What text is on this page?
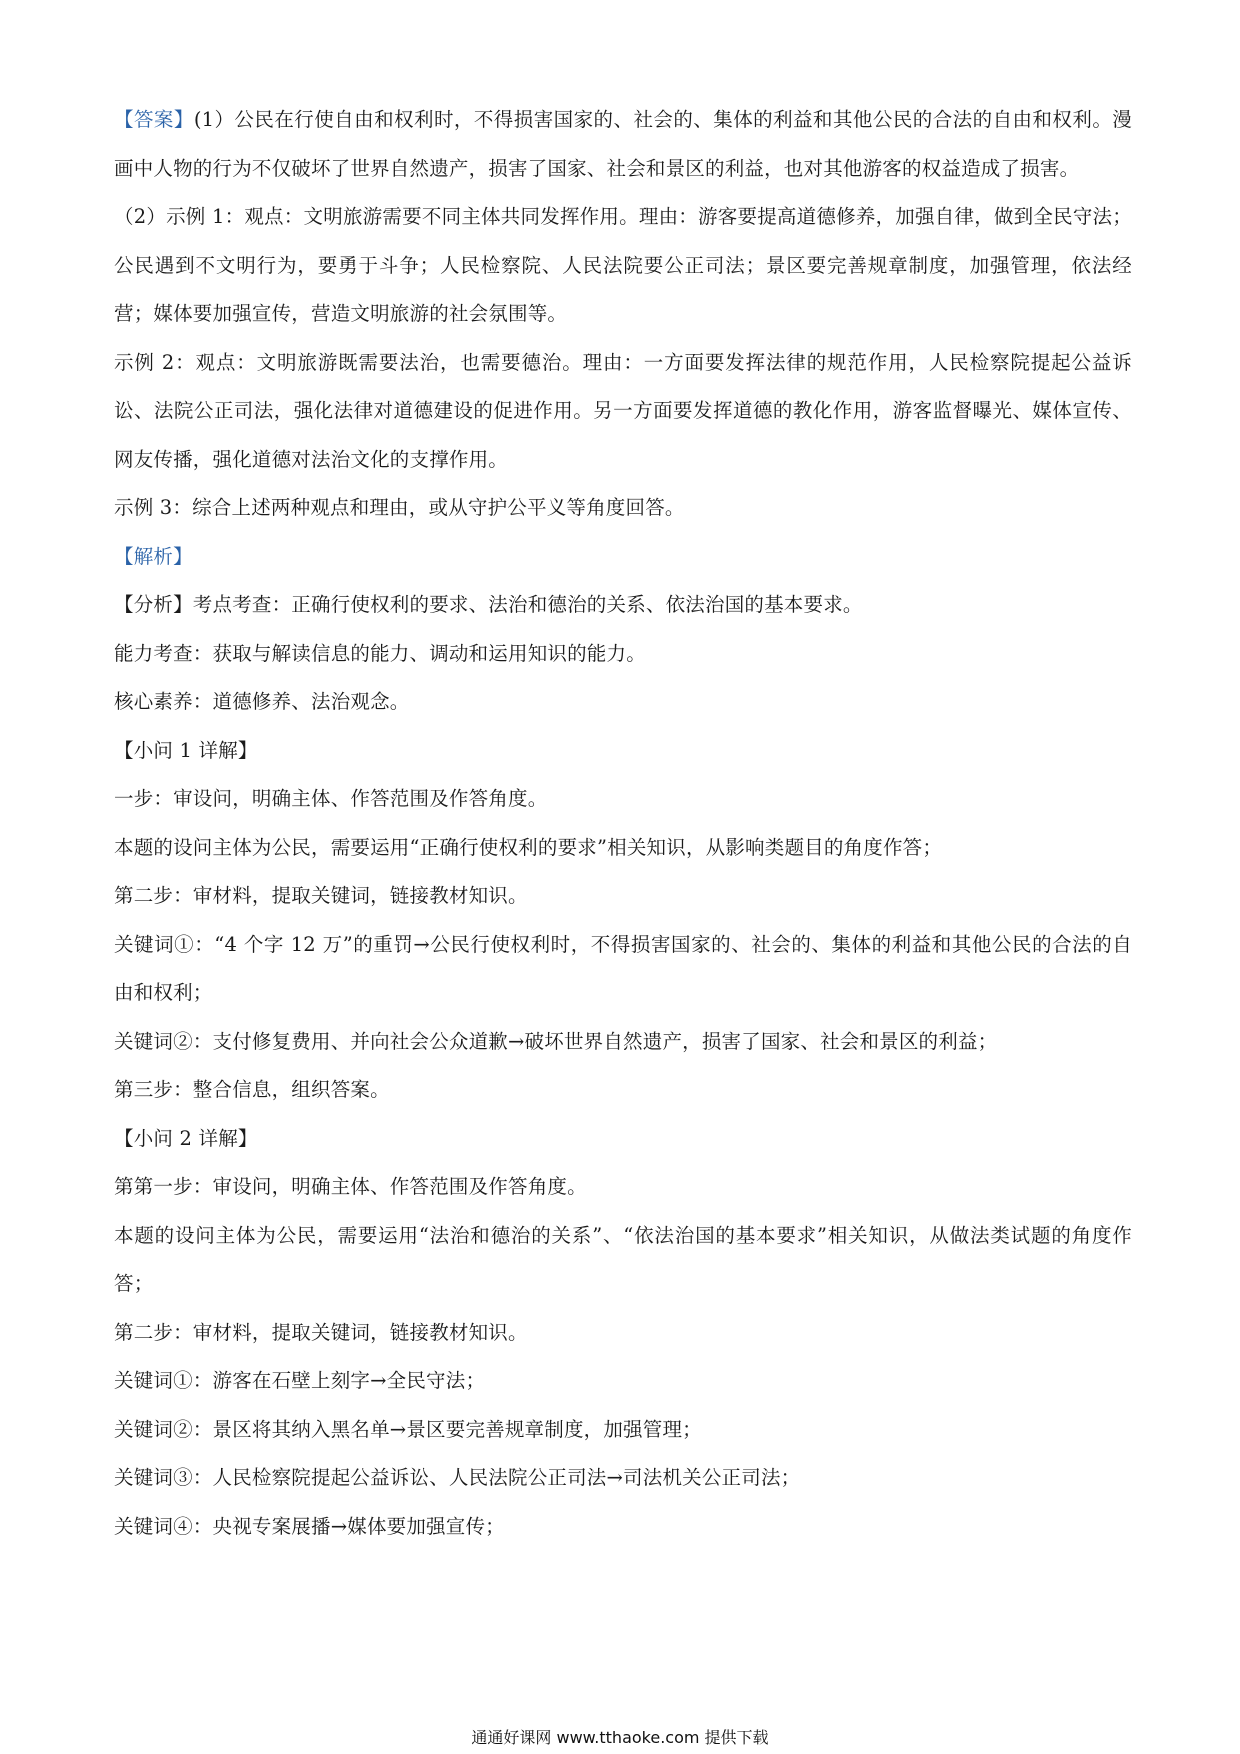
【答案】(1）公民在行使自由和权利时，不得损害国家的、社会的、集体的利益和其他公民的合法的自由和权利。漫画中人物的行为不仅破坏了世界自然遗产，损害了国家、社会和景区的利益，也对其他游客的权益造成了损害。

（2）示例 1：观点：文明旅游需要不同主体共同发挥作用。理由：游客要提高道德修养，加强自律，做到全民守法；公民遇到不文明行为，要勇于斗争；人民检察院、人民法院要公正司法；景区要完善规章制度，加强管理，依法经营；媒体要加强宣传，营造文明旅游的社会氛围等。

示例 2：观点：文明旅游既需要法治，也需要德治。理由：一方面要发挥法律的规范作用，人民检察院提起公益诉讼、法院公正司法，强化法律对道德建设的促进作用。另一方面要发挥道德的教化作用，游客监督曝光、媒体宣传、网友传播，强化道德对法治文化的支撑作用。

示例 3：综合上述两种观点和理由，或从守护公平义等角度回答。

【解析】

【分析】考点考查：正确行使权利的要求、法治和德治的关系、依法治国的基本要求。

能力考查：获取与解读信息的能力、调动和运用知识的能力。

核心素养：道德修养、法治观念。

【小问 1 详解】

一步：审设问，明确主体、作答范围及作答角度。

本题的设问主体为公民，需要运用“正确行使权利的要求”相关知识，从影响类题目的角度作答；

第二步：审材料，提取关键词，链接教材知识。

关键词①：“4 个字 12 万”的重罚→公民行使权利时，不得损害国家的、社会的、集体的利益和其他公民的合法的自由和权利；

关键词②：支付修复费用、并向社会公众道歉→破坏世界自然遗产，损害了国家、社会和景区的利益；

第三步：整合信息，组织答案。

【小问 2 详解】

第第一步：审设问，明确主体、作答范围及作答角度。

本题的设问主体为公民，需要运用“法治和德治的关系”、“依法治国的基本要求”相关知识，从做法类试题的角度作答；

第二步：审材料，提取关键词，链接教材知识。

关键词①：游客在石壁上刻字→全民守法；

关键词②：景区将其纳入黑名单→景区要完善规章制度，加强管理；

关键词③：人民检察院提起公益诉讼、人民法院公正司法→司法机关公正司法；

关键词④：央视专案展播→媒体要加强宣传；

通通好课网 www.tthaoke.com 提供下载
